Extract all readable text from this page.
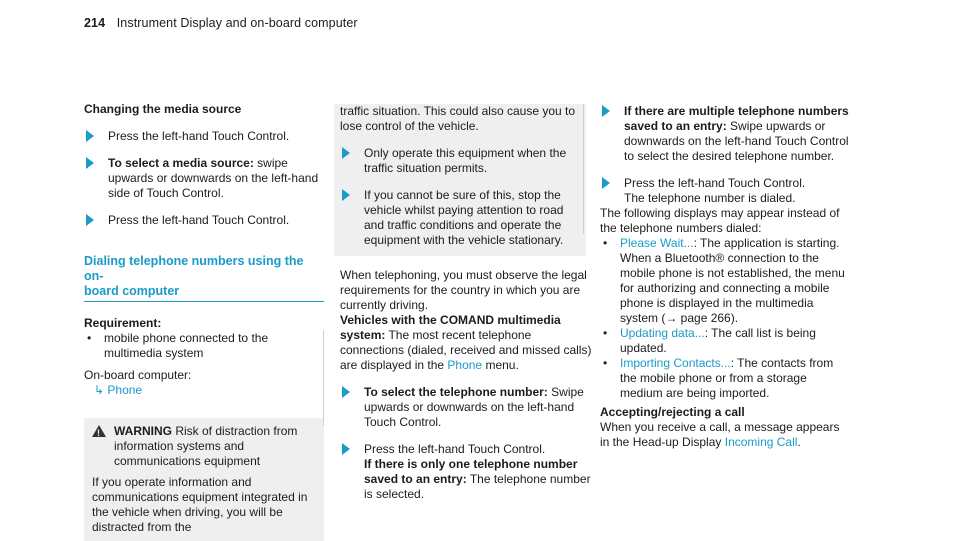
214 Instrument Display and on-board computer

Changing the media source

Press the left-hand Touch Control.
To select a media source: swipe upwards or downwards on the left-hand side of Touch Control.
Press the left-hand Touch Control.
Dialing telephone numbers using the on-
board computer

Requirement:

• mobile phone connected to the multimedia system

On-board computer:

↳ Phone
!
WARNING Risk of distraction from information systems and communications equipment

If you operate information and communications equipment integrated in the vehicle when driving, you will be distracted from the

traffic situation. This could also cause you to lose control of the vehicle.

Only operate this equipment when the traffic situation permits.
If you cannot be sure of this, stop the vehicle whilst paying attention to road and traffic conditions and operate the equipment with the vehicle stationary.

When telephoning, you must observe the legal requirements for the country in which you are currently driving.

Vehicles with the COMAND multimedia system: The most recent telephone connections (dialed, received and missed calls) are displayed in the Phone menu.

To select the telephone number: Swipe upwards or downwards on the left-hand Touch Control.
Press the left-hand Touch Control.
If there is only one telephone number saved to an entry: The telephone number is selected.
If there are multiple telephone numbers saved to an entry: Swipe upwards or downwards on the left-hand Touch Control to select the desired telephone number.
Press the left-hand Touch Control.
The telephone number is dialed.

The following displays may appear instead of the telephone numbers dialed:

• Please Wait...: The application is starting. When a Bluetooth® connection to the mobile phone is not established, the menu for authorizing and connecting a mobile phone is displayed in the multimedia system (→ page 266).
• Updating data...: The call list is being updated.
• Importing Contacts...: The contacts from the mobile phone or from a storage medium are being imported.

Accepting/rejecting a call

When you receive a call, a message appears in the Head-up Display Incoming Call.
